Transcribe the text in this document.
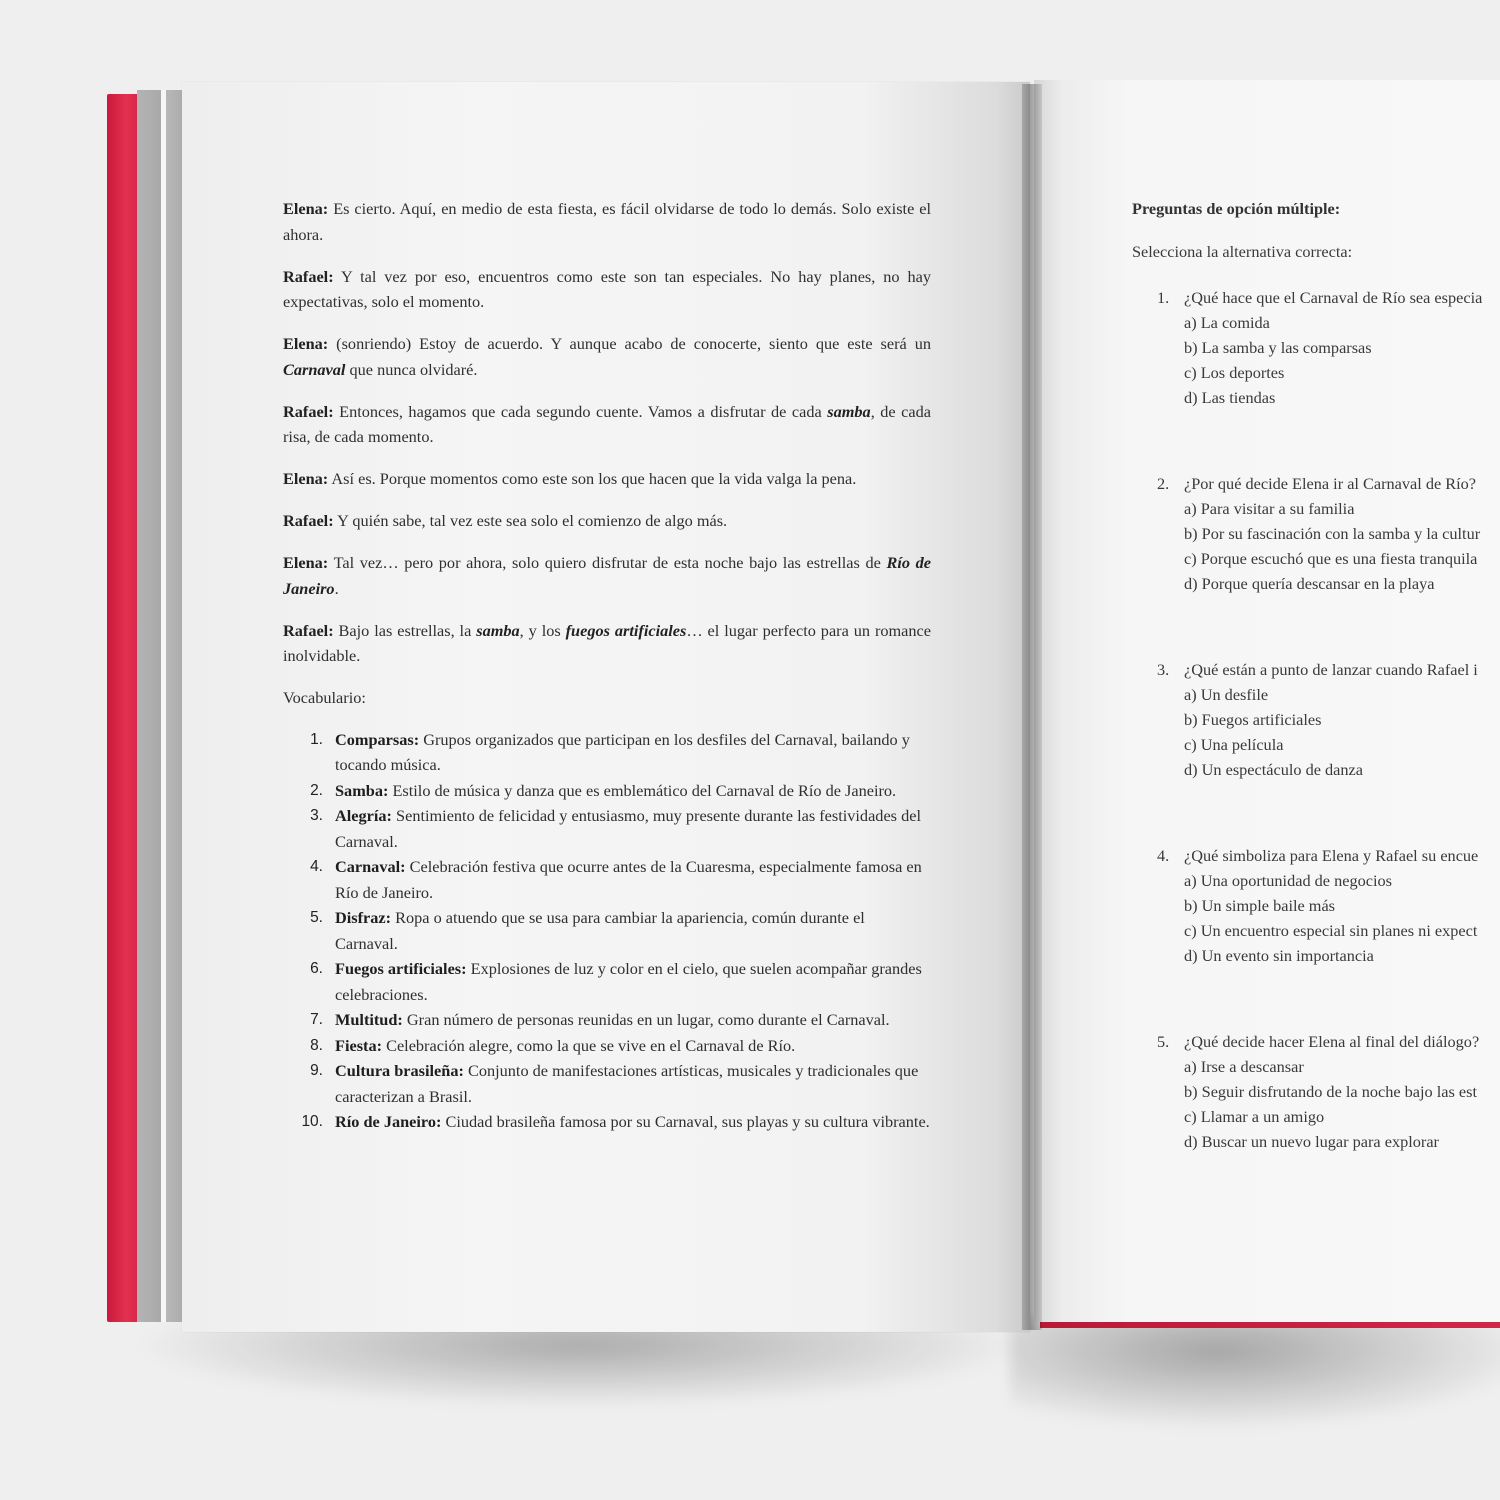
Elena: Es cierto. Aquí, en medio de esta fiesta, es fácil olvidarse de todo lo demás. Solo existe el ahora.

Rafael: Y tal vez por eso, encuentros como este son tan especiales. No hay planes, no hay expectativas, solo el momento.

Elena: (sonriendo) Estoy de acuerdo. Y aunque acabo de conocerte, siento que este será un Carnaval que nunca olvidaré.

Rafael: Entonces, hagamos que cada segundo cuente. Vamos a disfrutar de cada samba, de cada risa, de cada momento.

Elena: Así es. Porque momentos como este son los que hacen que la vida valga la pena.

Rafael: Y quién sabe, tal vez este sea solo el comienzo de algo más.

Elena: Tal vez… pero por ahora, solo quiero disfrutar de esta noche bajo las estrellas de Río de Janeiro.

Rafael: Bajo las estrellas, la samba, y los fuegos artificiales… el lugar perfecto para un romance inolvidable.

Vocabulario:

1. Comparsas: Grupos organizados que participan en los desfiles del Carnaval, bailando y tocando música.
2. Samba: Estilo de música y danza que es emblemático del Carnaval de Río de Janeiro.
3. Alegría: Sentimiento de felicidad y entusiasmo, muy presente durante las festividades del Carnaval.
4. Carnaval: Celebración festiva que ocurre antes de la Cuaresma, especialmente famosa en Río de Janeiro.
5. Disfraz: Ropa o atuendo que se usa para cambiar la apariencia, común durante el Carnaval.
6. Fuegos artificiales: Explosiones de luz y color en el cielo, que suelen acompañar grandes celebraciones.
7. Multitud: Gran número de personas reunidas en un lugar, como durante el Carnaval.
8. Fiesta: Celebración alegre, como la que se vive en el Carnaval de Río.
9. Cultura brasileña: Conjunto de manifestaciones artísticas, musicales y tradicionales que caracterizan a Brasil.
10. Río de Janeiro: Ciudad brasileña famosa por su Carnaval, sus playas y su cultura vibrante.

Preguntas de opción múltiple:

Selecciona la alternativa correcta:

1. ¿Qué hace que el Carnaval de Río sea especia
a) La comida
b) La samba y las comparsas
c) Los deportes
d) Las tiendas
2. ¿Por qué decide Elena ir al Carnaval de Río?
a) Para visitar a su familia
b) Por su fascinación con la samba y la cultur
c) Porque escuchó que es una fiesta tranquila
d) Porque quería descansar en la playa
3. ¿Qué están a punto de lanzar cuando Rafael i
a) Un desfile
b) Fuegos artificiales
c) Una película
d) Un espectáculo de danza
4. ¿Qué simboliza para Elena y Rafael su encue
a) Una oportunidad de negocios
b) Un simple baile más
c) Un encuentro especial sin planes ni expect
d) Un evento sin importancia
5. ¿Qué decide hacer Elena al final del diálogo?
a) Irse a descansar
b) Seguir disfrutando de la noche bajo las est
c) Llamar a un amigo
d) Buscar un nuevo lugar para explorar
